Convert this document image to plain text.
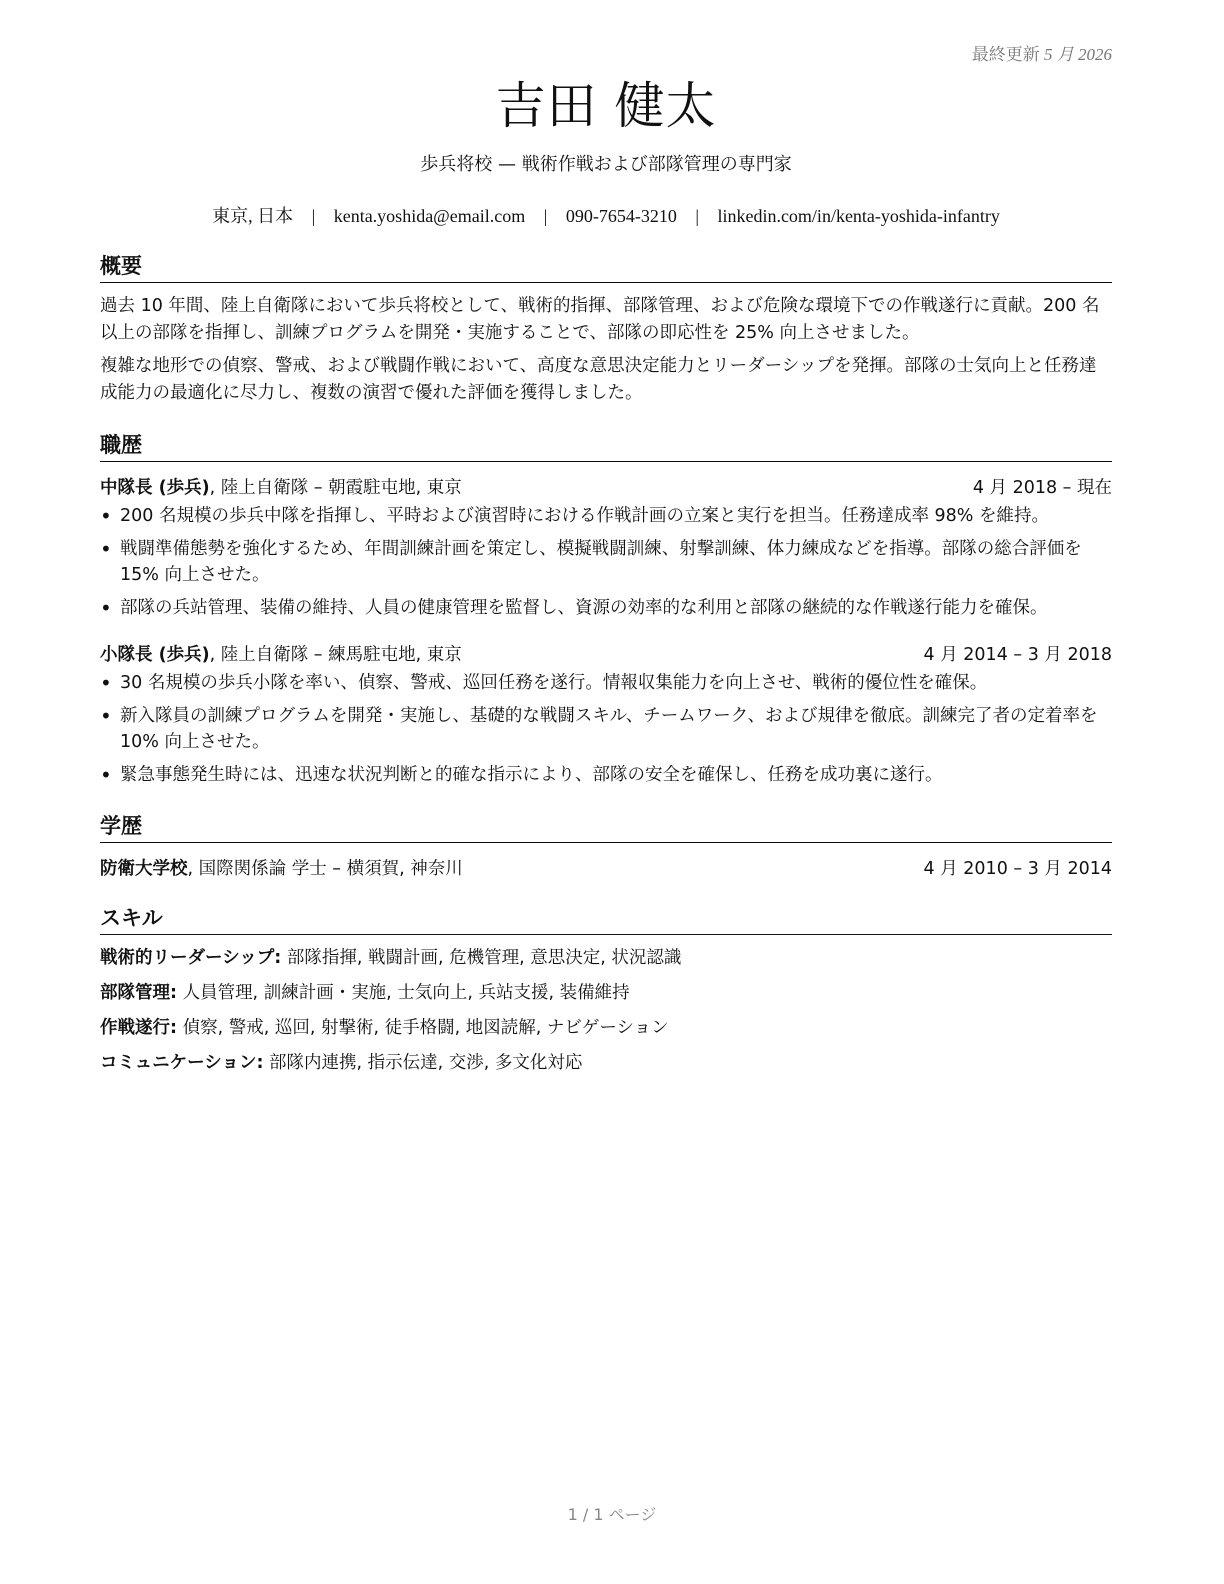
最終更新 5 月 2026
吉田 健太
歩兵将校 — 戦術作戦および部隊管理の専門家
東京, 日本 | kenta.yoshida@email.com | 090-7654-3210 | linkedin.com/in/kenta-yoshida-infantry
概要
過去 10 年間、陸上自衛隊において歩兵将校として、戦術的指揮、部隊管理、および危険な環境下での作戦遂行に貢献。200 名以上の部隊を指揮し、訓練プログラムを開発・実施することで、部隊の即応性を 25% 向上させました。
複雑な地形での偵察、警戒、および戦闘作戦において、高度な意思決定能力とリーダーシップを発揮。部隊の士気向上と任務達成能力の最適化に尽力し、複数の演習で優れた評価を獲得しました。
職歴
中隊長 (歩兵), 陸上自衛隊 – 朝霞駐屯地, 東京	4 月 2018 – 現在
• 200 名規模の歩兵中隊を指揮し、平時および演習時における作戦計画の立案と実行を担当。任務達成率 98% を維持。
• 戦闘準備態勢を強化するため、年間訓練計画を策定し、模擬戦闘訓練、射撃訓練、体力練成などを指導。部隊の総合評価を 15% 向上させた。
• 部隊の兵站管理、装備の維持、人員の健康管理を監督し、資源の効率的な利用と部隊の継続的な作戦遂行能力を確保。
小隊長 (歩兵), 陸上自衛隊 – 練馬駐屯地, 東京	4 月 2014 – 3 月 2018
• 30 名規模の歩兵小隊を率い、偵察、警戒、巡回任務を遂行。情報収集能力を向上させ、戦術的優位性を確保。
• 新入隊員の訓練プログラムを開発・実施し、基礎的な戦闘スキル、チームワーク、および規律を徹底。訓練完了者の定着率を 10% 向上させた。
• 緊急事態発生時には、迅速な状況判断と的確な指示により、部隊の安全を確保し、任務を成功裏に遂行。
学歴
防衛大学校, 国際関係論 学士 – 横須賀, 神奈川	4 月 2010 – 3 月 2014
スキル
戦術的リーダーシップ: 部隊指揮, 戦闘計画, 危機管理, 意思決定, 状況認識
部隊管理: 人員管理, 訓練計画・実施, 士気向上, 兵站支援, 装備維持
作戦遂行: 偵察, 警戒, 巡回, 射撃術, 徒手格闘, 地図読解, ナビゲーション
コミュニケーション: 部隊内連携, 指示伝達, 交渉, 多文化対応
1 / 1 ページ
